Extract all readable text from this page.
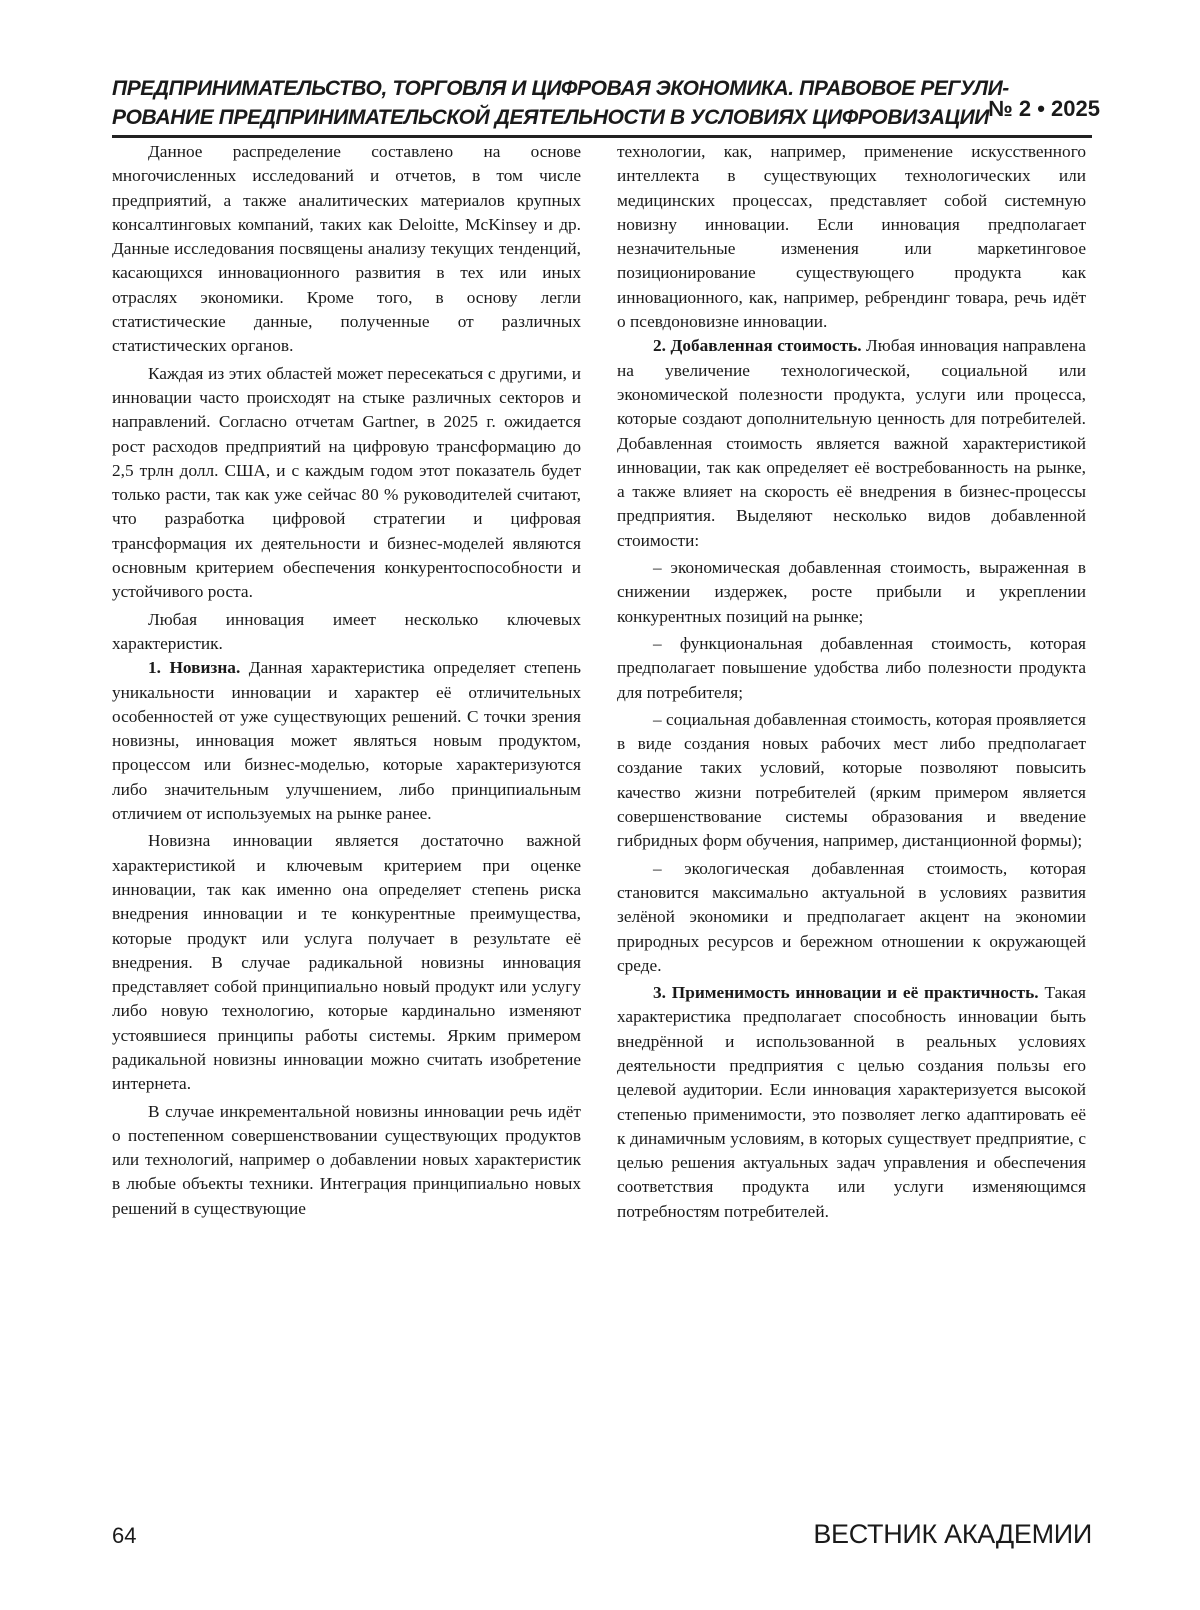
ПРЕДПРИНИМАТЕЛЬСТВО, ТОРГОВЛЯ И ЦИФРОВАЯ ЭКОНОМИКА. ПРАВОВОЕ РЕГУЛИ-
РОВАНИЕ ПРЕДПРИНИМАТЕЛЬСКОЙ ДЕЯТЕЛЬНОСТИ В УСЛОВИЯХ ЦИФРОВИЗАЦИИ № 2 • 2025

Данное распределение составлено на основе многочисленных исследований и отчетов, в том числе предприятий, а также аналитических материалов крупных консалтинговых компаний, таких как Deloitte, McKinsey и др. Данные исследования посвящены анализу текущих тенденций, касающихся инновационного развития в тех или иных отраслях экономики. Кроме того, в основу легли статистические данные, полученные от различных статистических органов.

Каждая из этих областей может пересекаться с другими, и инновации часто происходят на стыке различных секторов и направлений. Согласно отчетам Gartner, в 2025 г. ожидается рост расходов предприятий на цифровую трансформацию до 2,5 трлн долл. США, и с каждым годом этот показатель будет только расти, так как уже сейчас 80 % руководителей считают, что разработка цифровой стратегии и цифровая трансформация их деятельности и бизнес-моделей являются основным критерием обеспечения конкурентоспособности и устойчивого роста.

Любая инновация имеет несколько ключевых характеристик.

1. Новизна. Данная характеристика определяет степень уникальности инновации и характер её отличительных особенностей от уже существующих решений. С точки зрения новизны, инновация может являться новым продуктом, процессом или бизнес-моделью, которые характеризуются либо значительным улучшением, либо принципиальным отличием от используемых на рынке ранее.

Новизна инновации является достаточно важной характеристикой и ключевым критерием при оценке инновации, так как именно она определяет степень риска внедрения инновации и те конкурентные преимущества, которые продукт или услуга получает в результате её внедрения. В случае радикальной новизны инновация представляет собой принципиально новый продукт или услугу либо новую технологию, которые кардинально изменяют устоявшиеся принципы работы системы. Ярким примером радикальной новизны инновации можно считать изобретение интернета.

В случае инкрементальной новизны инновации речь идёт о постепенном совершенствовании существующих продуктов или технологий, например о добавлении новых характеристик в любые объекты техники. Интеграция принципиально новых решений в существующие

технологии, как, например, применение искусственного интеллекта в существующих технологических или медицинских процессах, представляет собой системную новизну инновации. Если инновация предполагает незначительные изменения или маркетинговое позиционирование существующего продукта как инновационного, как, например, ребрендинг товара, речь идёт о псевдоновизне инновации.

2. Добавленная стоимость. Любая инновация направлена на увеличение технологической, социальной или экономической полезности продукта, услуги или процесса, которые создают дополнительную ценность для потребителей. Добавленная стоимость является важной характеристикой инновации, так как определяет её востребованность на рынке, а также влияет на скорость её внедрения в бизнес-процессы предприятия. Выделяют несколько видов добавленной стоимости:

– экономическая добавленная стоимость, выраженная в снижении издержек, росте прибыли и укреплении конкурентных позиций на рынке;

– функциональная добавленная стоимость, которая предполагает повышение удобства либо полезности продукта для потребителя;

– социальная добавленная стоимость, которая проявляется в виде создания новых рабочих мест либо предполагает создание таких условий, которые позволяют повысить качество жизни потребителей (ярким примером является совершенствование системы образования и введение гибридных форм обучения, например, дистанционной формы);

– экологическая добавленная стоимость, которая становится максимально актуальной в условиях развития зелёной экономики и предполагает акцент на экономии природных ресурсов и бережном отношении к окружающей среде.

3. Применимость инновации и её практичность. Такая характеристика предполагает способность инновации быть внедрённой и использованной в реальных условиях деятельности предприятия с целью создания пользы его целевой аудитории. Если инновация характеризуется высокой степенью применимости, это позволяет легко адаптировать её к динамичным условиям, в которых существует предприятие, с целью решения актуальных задач управления и обеспечения соответствия продукта или услуги изменяющимся потребностям потребителей.

64	ВЕСТНИК АКАДЕМИИ
